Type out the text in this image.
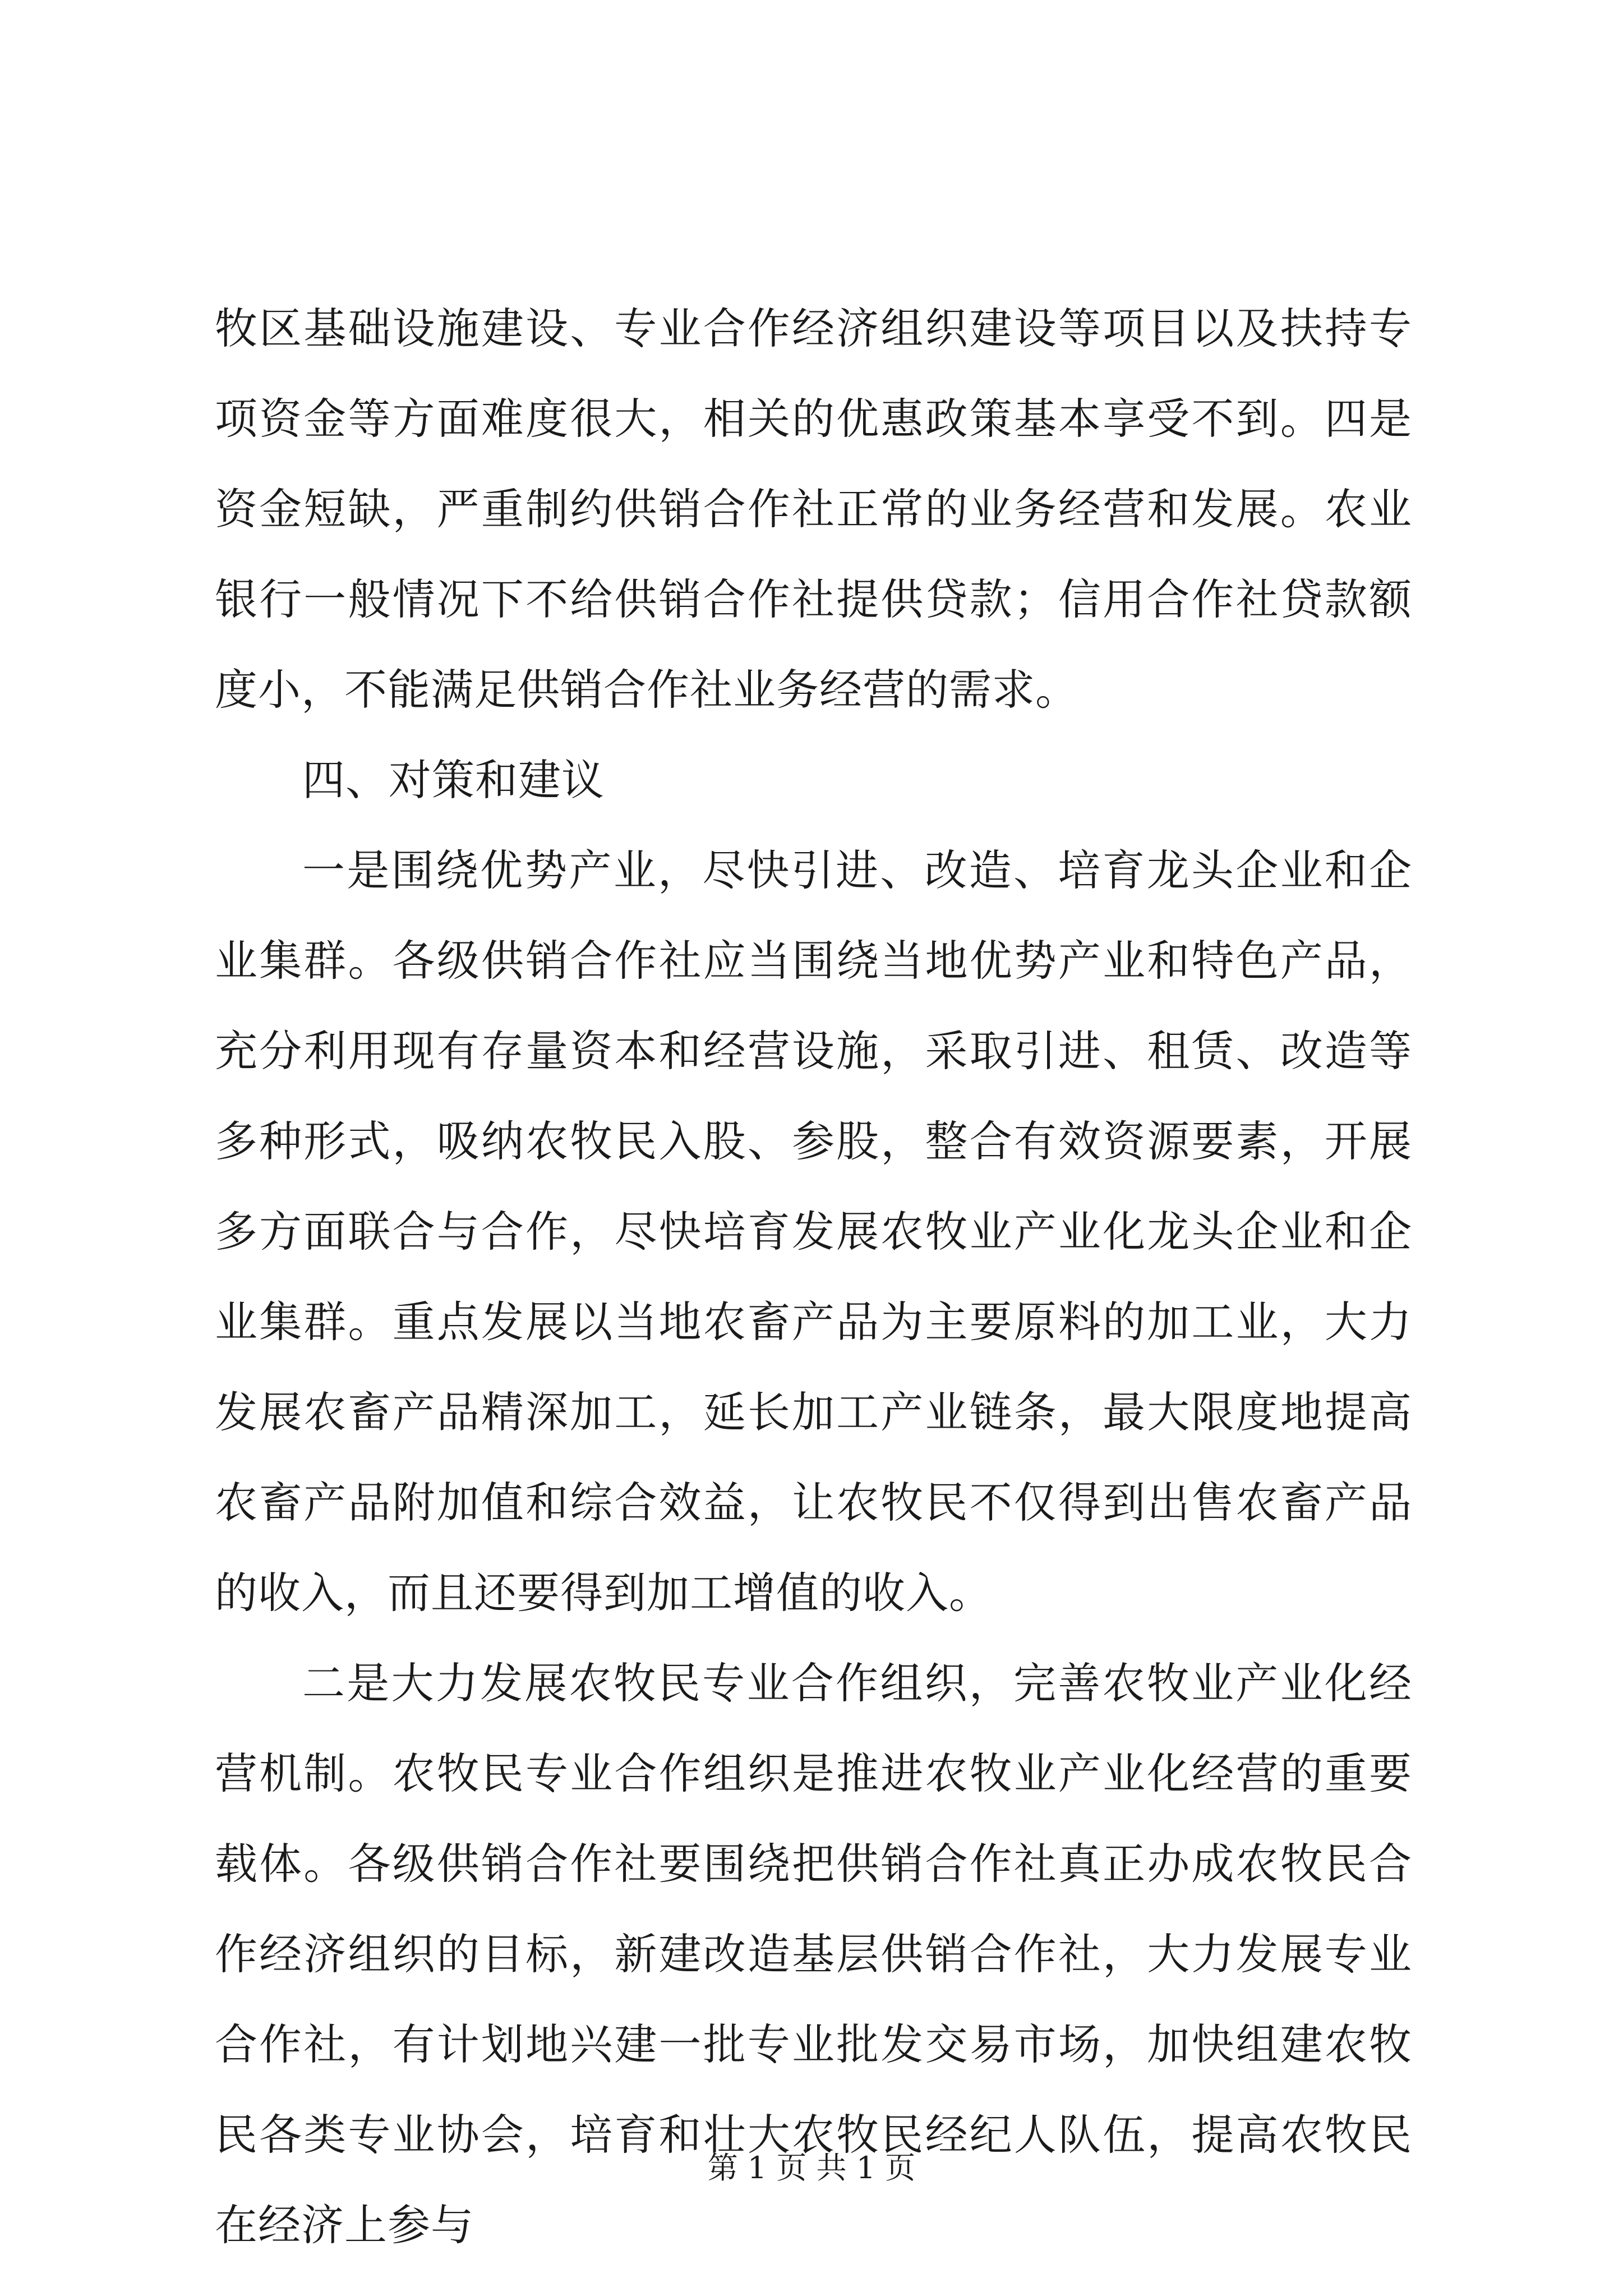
牧区基础设施建设、专业合作经济组织建设等项目以及扶持专项资金等方面难度很大，相关的优惠政策基本享受不到。四是资金短缺，严重制约供销合作社正常的业务经营和发展。农业银行一般情况下不给供销合作社提供贷款；信用合作社贷款额度小，不能满足供销合作社业务经营的需求。

四、对策和建议

一是围绕优势产业，尽快引进、改造、培育龙头企业和企业集群。各级供销合作社应当围绕当地优势产业和特色产品，充分利用现有存量资本和经营设施，采取引进、租赁、改造等多种形式，吸纳农牧民入股、参股，整合有效资源要素，开展多方面联合与合作，尽快培育发展农牧业产业化龙头企业和企业集群。重点发展以当地农畜产品为主要原料的加工业，大力发展农畜产品精深加工，延长加工产业链条，最大限度地提高农畜产品附加值和综合效益，让农牧民不仅得到出售农畜产品的收入，而且还要得到加工增值的收入。

二是大力发展农牧民专业合作组织，完善农牧业产业化经营机制。农牧民专业合作组织是推进农牧业产业化经营的重要载体。各级供销合作社要围绕把供销合作社真正办成农牧民合作经济组织的目标，新建改造基层供销合作社，大力发展专业合作社，有计划地兴建一批专业批发交易市场，加快组建农牧民各类专业协会，培育和壮大农牧民经纪人队伍，提高农牧民在经济上参与

第 1 页 共 1 页
